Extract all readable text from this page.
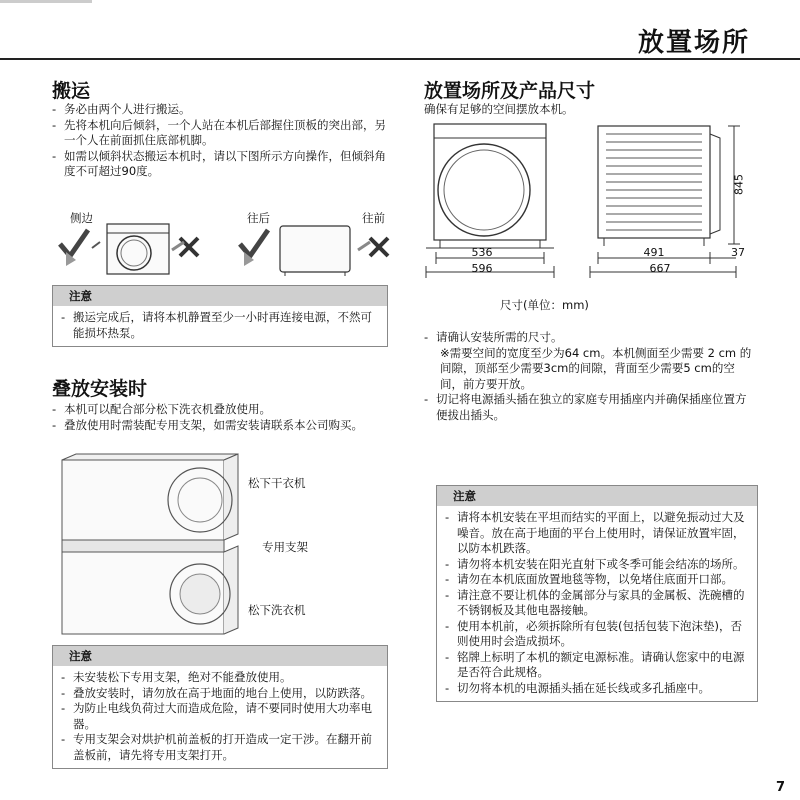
放置场所
搬运
- 务必由两个人进行搬运。
- 先将本机向后倾斜，一个人站在本机后部握住顶板的突出部，另一个人在前面抓住底部机脚。
- 如需以倾斜状态搬运本机时，请以下图所示方向操作，但倾斜角度不可超过90度。
侧边	往后	往前
注意
- 搬运完成后，请将本机静置至少一小时再连接电源，不然可能损坏热泵。
叠放安装时
- 本机可以配合部分松下洗衣机叠放使用。
- 叠放使用时需装配专用支架，如需安装请联系本公司购买。
松下干衣机
专用支架
松下洗衣机
注意
- 未安装松下专用支架，绝对不能叠放使用。
- 叠放安装时，请勿放在高于地面的地台上使用，以防跌落。
- 为防止电线负荷过大而造成危险，请不要同时使用大功率电器。
- 专用支架会对烘护机前盖板的打开造成一定干涉。在翻开前盖板前，请先将专用支架打开。
放置场所及产品尺寸
确保有足够的空间摆放本机。
536
596
491	37
667
845
尺寸(单位：mm)
- 请确认安装所需的尺寸。
※需要空间的宽度至少为64 cm。本机侧面至少需要 2 cm 的间隙，顶部至少需要3cm的间隙，背面至少需要5 cm的空间，前方要开放。
- 切记将电源插头插在独立的家庭专用插座内并确保插座位置方便拔出插头。
注意
- 请将本机安装在平坦而结实的平面上，以避免振动过大及噪音。放在高于地面的平台上使用时，请保证放置牢固，以防本机跌落。
- 请勿将本机安装在阳光直射下或冬季可能会结冻的场所。
- 请勿在本机底面放置地毯等物，以免堵住底面开口部。
- 请注意不要让机体的金属部分与家具的金属板、洗碗槽的不锈钢板及其他电器接触。
- 使用本机前，必须拆除所有包装(包括包装下泡沫垫)，否则使用时会造成损坏。
- 铭牌上标明了本机的额定电源标准。请确认您家中的电源是否符合此规格。
- 切勿将本机的电源插头插在延长线或多孔插座中。
7
